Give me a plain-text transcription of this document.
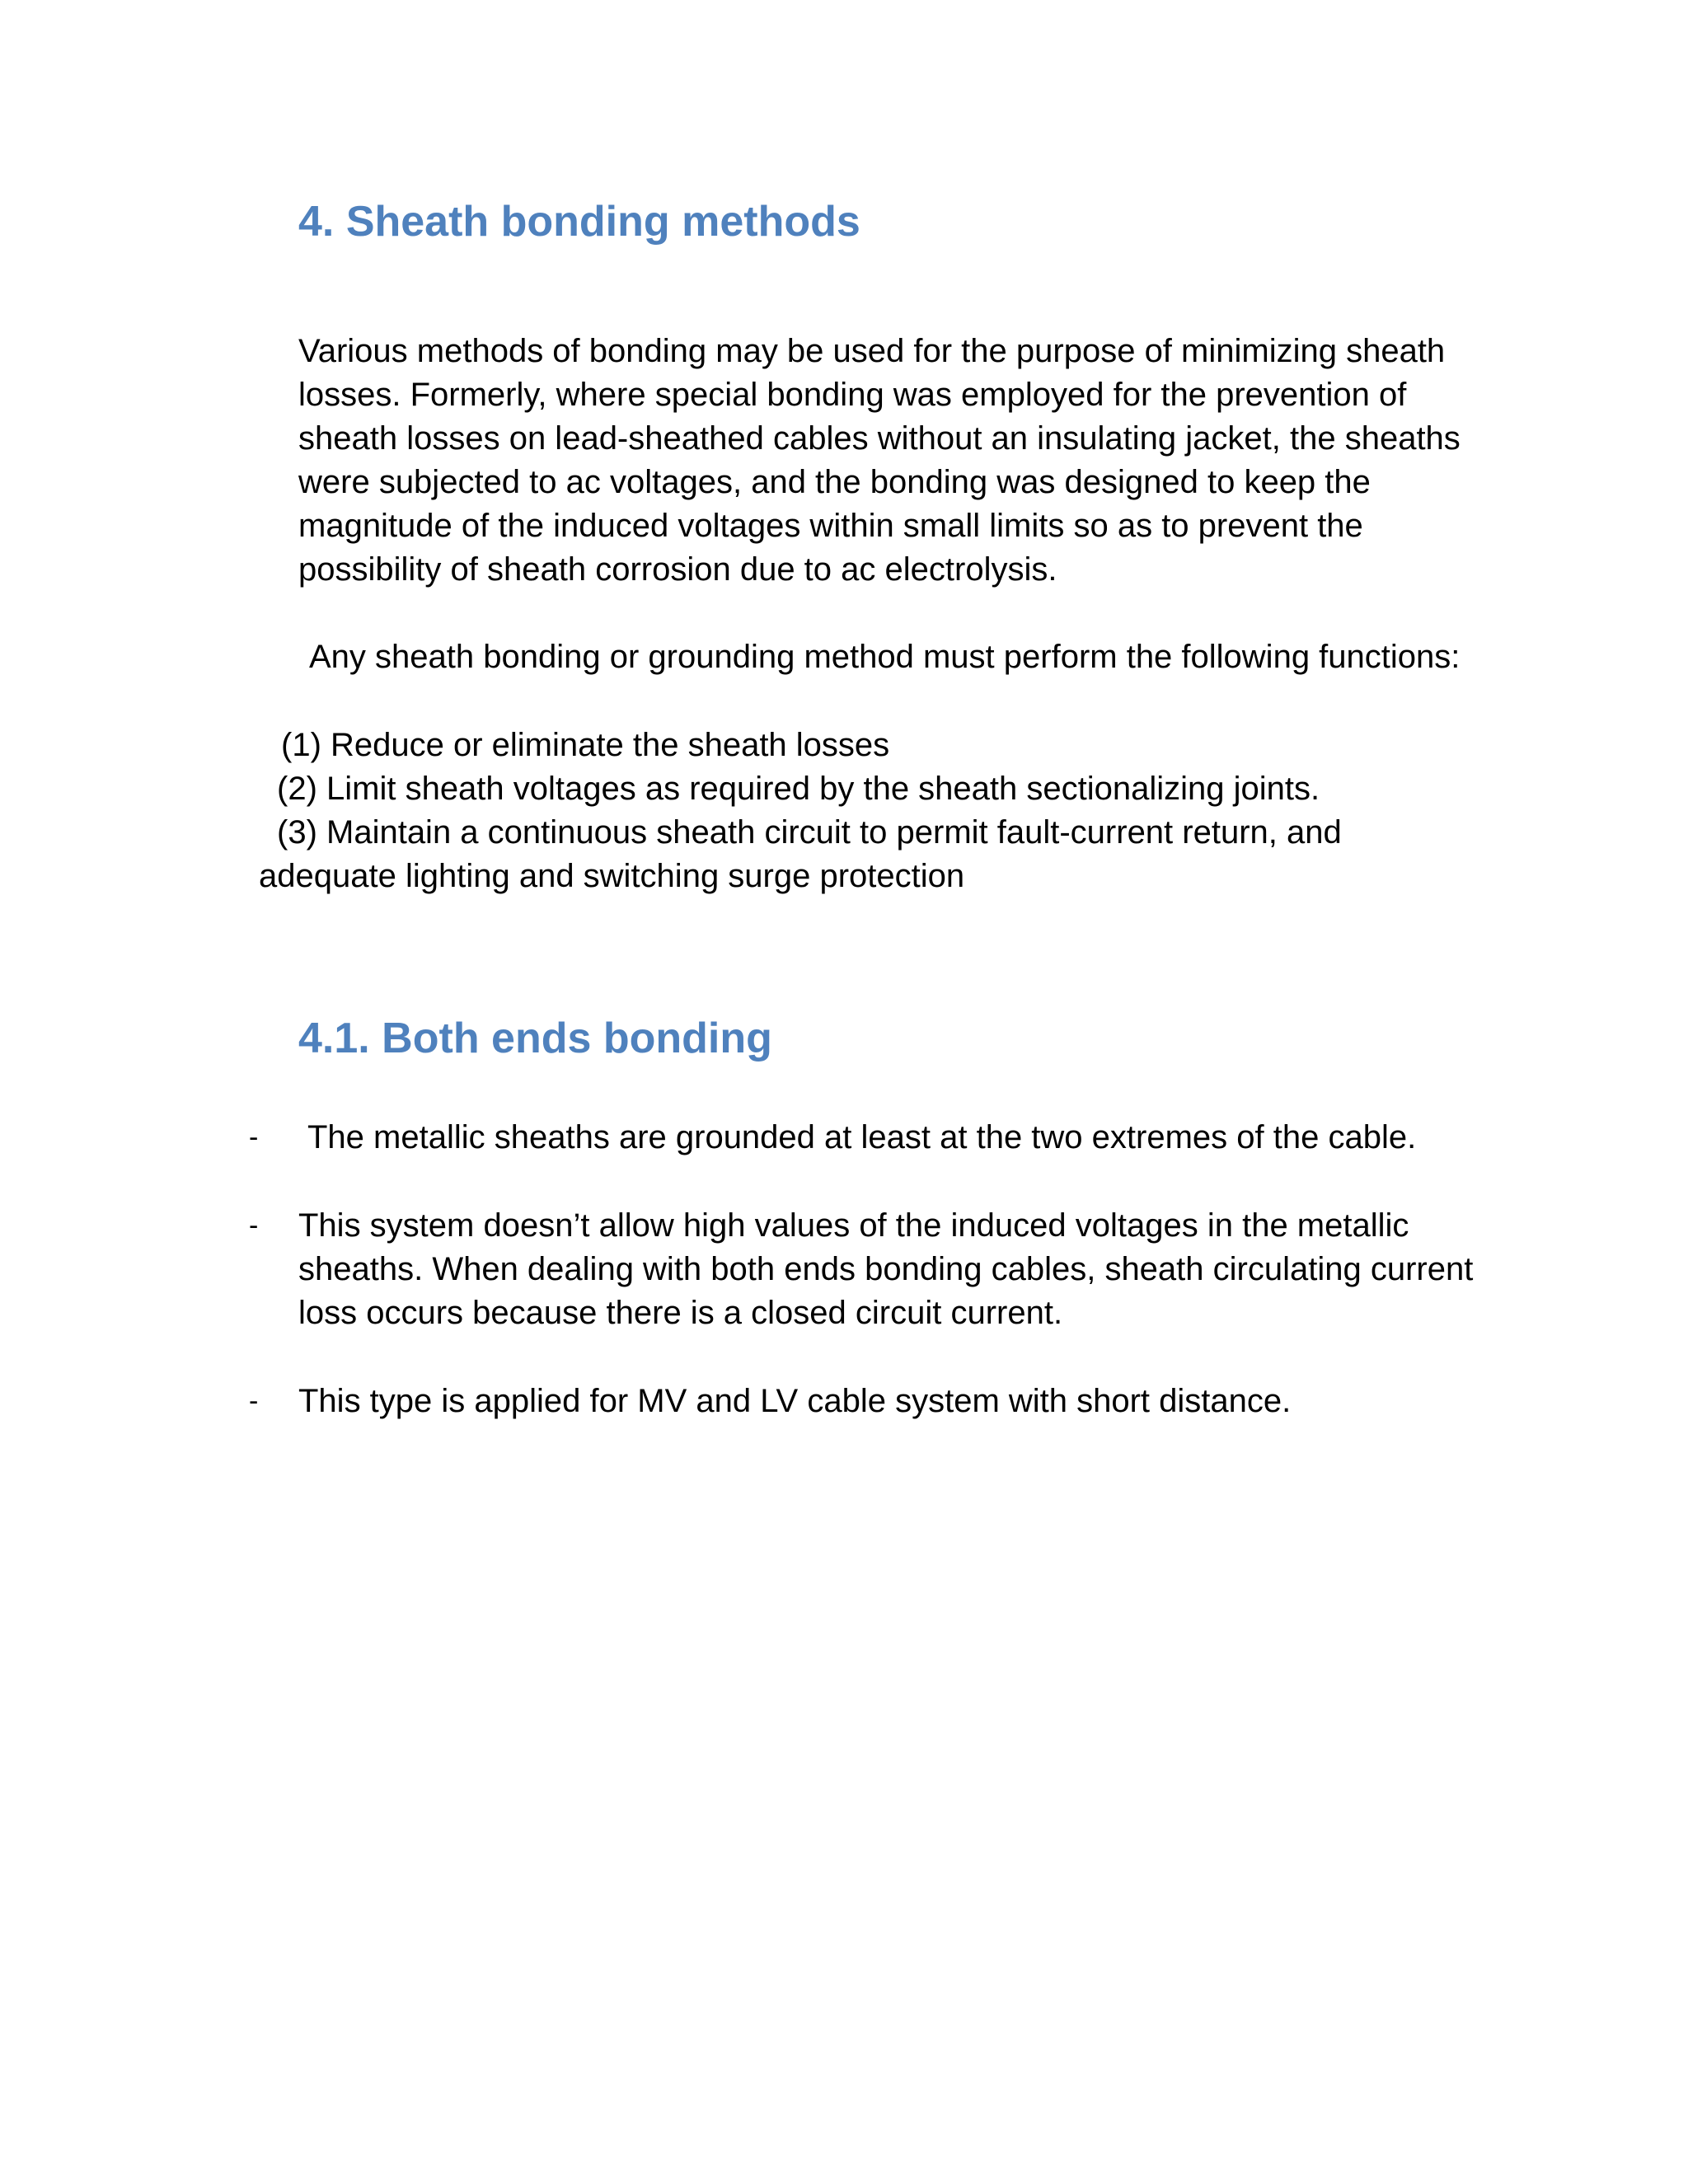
4. Sheath bonding methods

Various methods of bonding may be used for the purpose of minimizing sheath losses. Formerly, where special bonding was employed for the prevention of sheath losses on lead-sheathed cables without an insulating jacket, the sheaths were subjected to ac voltages, and the bonding was designed to keep the magnitude of the induced voltages within small limits so as to prevent the possibility of sheath corrosion due to ac electrolysis.

Any sheath bonding or grounding method must perform the following functions:

(1) Reduce or eliminate the sheath losses

(2) Limit sheath voltages as required by the sheath sectionalizing joints.

(3) Maintain a continuous sheath circuit to permit fault-current return, and

adequate lighting and switching surge protection

4.1. Both ends bonding
- The metallic sheaths are grounded at least at the two extremes of the cable.

- This system doesn’t allow high values of the induced voltages in the metallic sheaths. When dealing with both ends bonding cables, sheath circulating current loss occurs because there is a closed circuit current.

- This type is applied for MV and LV cable system with short distance.
